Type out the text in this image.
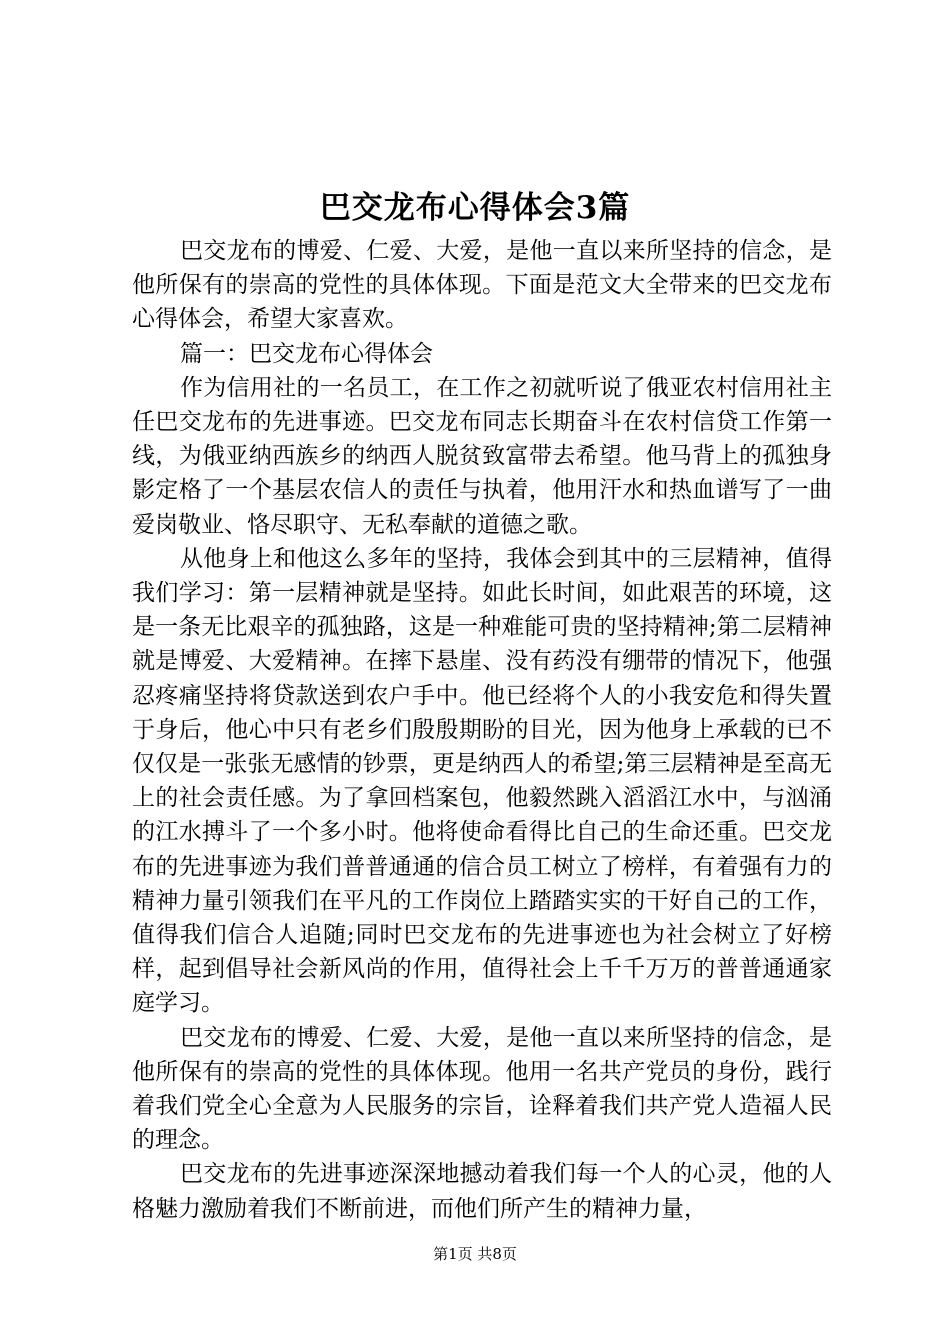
巴交龙布心得体会3篇

巴交龙布的博爱、仁爱、大爱，是他一直以来所坚持的信念，是他所保有的崇高的党性的具体体现。下面是范文大全带来的巴交龙布心得体会，希望大家喜欢。

篇一：巴交龙布心得体会

作为信用社的一名员工，在工作之初就听说了俄亚农村信用社主任巴交龙布的先进事迹。巴交龙布同志长期奋斗在农村信贷工作第一线，为俄亚纳西族乡的纳西人脱贫致富带去希望。他马背上的孤独身影定格了一个基层农信人的责任与执着，他用汗水和热血谱写了一曲爱岗敬业、恪尽职守、无私奉献的道德之歌。

从他身上和他这么多年的坚持，我体会到其中的三层精神，值得我们学习：第一层精神就是坚持。如此长时间，如此艰苦的环境，这是一条无比艰辛的孤独路，这是一种难能可贵的坚持精神;第二层精神就是博爱、大爱精神。在摔下悬崖、没有药没有绷带的情况下，他强忍疼痛坚持将贷款送到农户手中。他已经将个人的小我安危和得失置于身后，他心中只有老乡们殷殷期盼的目光，因为他身上承载的已不仅仅是一张张无感情的钞票，更是纳西人的希望;第三层精神是至高无上的社会责任感。为了拿回档案包，他毅然跳入滔滔江水中，与汹涌的江水搏斗了一个多小时。他将使命看得比自己的生命还重。巴交龙布的先进事迹为我们普普通通的信合员工树立了榜样，有着强有力的精神力量引领我们在平凡的工作岗位上踏踏实实的干好自己的工作，值得我们信合人追随;同时巴交龙布的先进事迹也为社会树立了好榜样，起到倡导社会新风尚的作用，值得社会上千千万万的普普通通家庭学习。

巴交龙布的博爱、仁爱、大爱，是他一直以来所坚持的信念，是他所保有的崇高的党性的具体体现。他用一名共产党员的身份，践行着我们党全心全意为人民服务的宗旨，诠释着我们共产党人造福人民的理念。

巴交龙布的先进事迹深深地撼动着我们每一个人的心灵，他的人格魅力激励着我们不断前进，而他们所产生的精神力量，

第1页 共8页
